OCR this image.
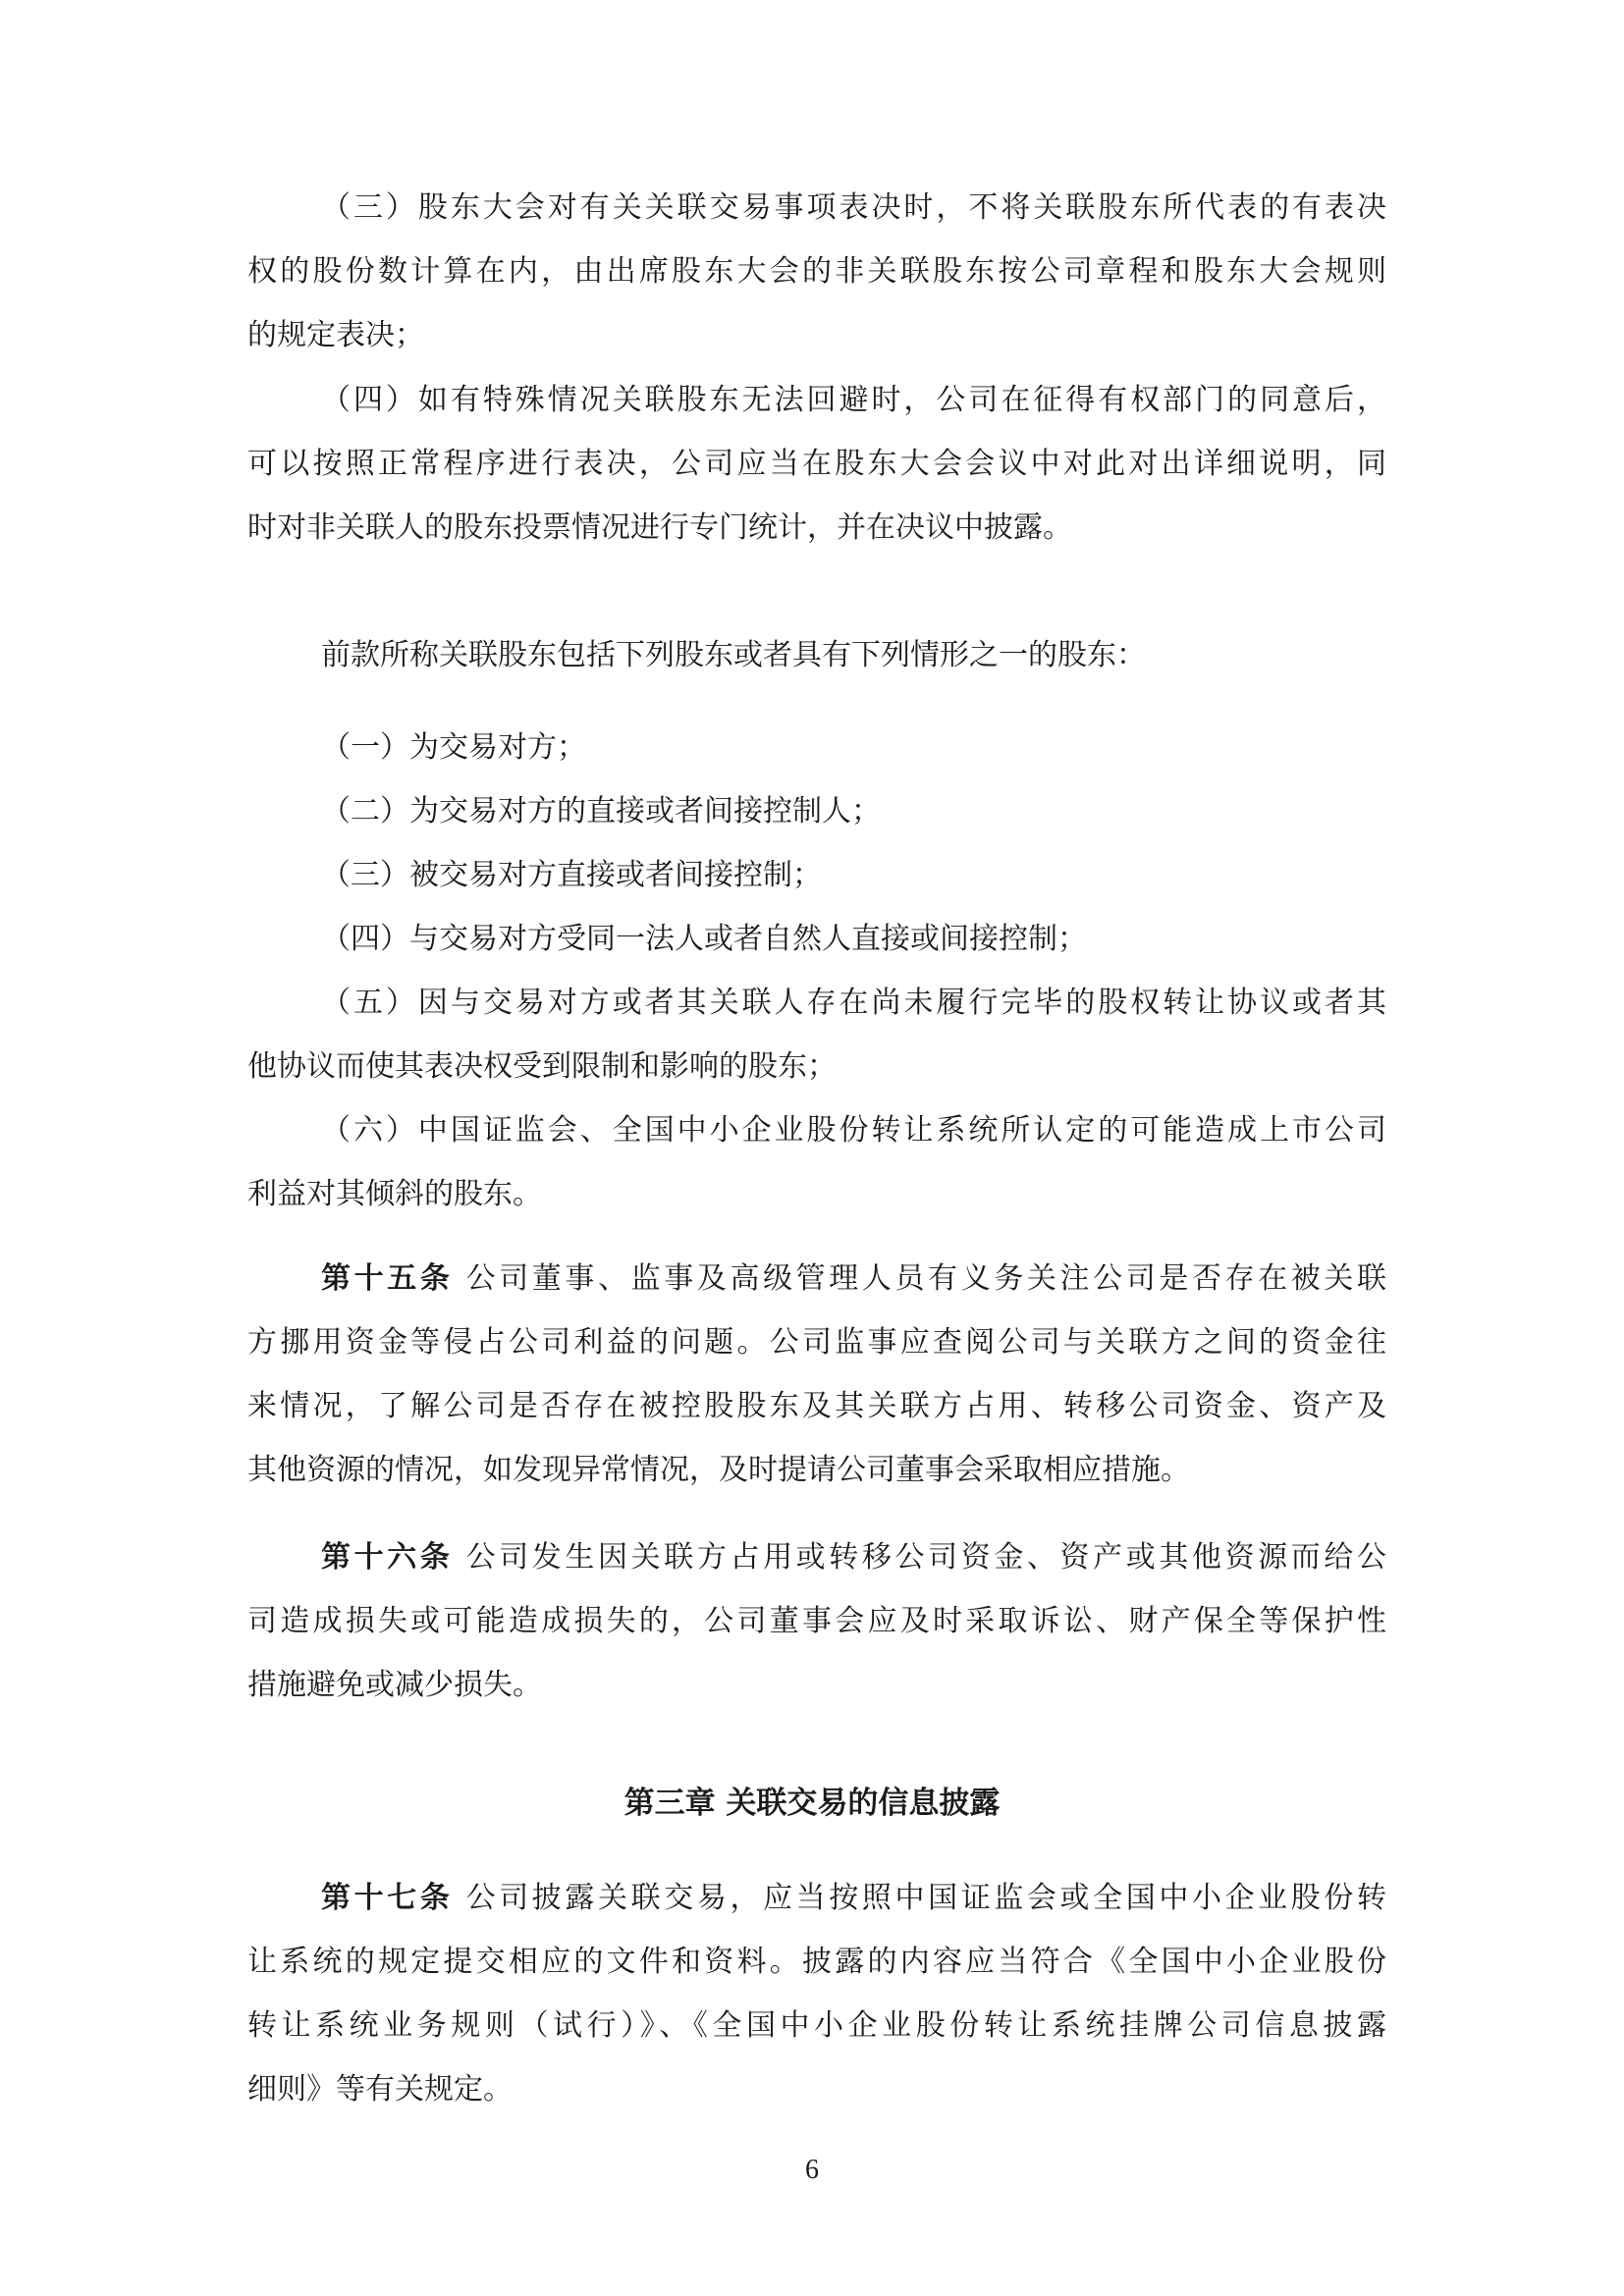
（三）股东大会对有关关联交易事项表决时，不将关联股东所代表的有表决
权的股份数计算在内，由出席股东大会的非关联股东按公司章程和股东大会规则
的规定表决；
（四）如有特殊情况关联股东无法回避时，公司在征得有权部门的同意后，
可以按照正常程序进行表决，公司应当在股东大会会议中对此对出详细说明，同
时对非关联人的股东投票情况进行专门统计，并在决议中披露。
前款所称关联股东包括下列股东或者具有下列情形之一的股东：
（一）为交易对方；
（二）为交易对方的直接或者间接控制人；
（三）被交易对方直接或者间接控制；
（四）与交易对方受同一法人或者自然人直接或间接控制；
（五）因与交易对方或者其关联人存在尚未履行完毕的股权转让协议或者其
他协议而使其表决权受到限制和影响的股东；
（六）中国证监会、全国中小企业股份转让系统所认定的可能造成上市公司
利益对其倾斜的股东。
第十五条 公司董事、监事及高级管理人员有义务关注公司是否存在被关联
方挪用资金等侵占公司利益的问题。公司监事应查阅公司与关联方之间的资金往
来情况，了解公司是否存在被控股股东及其关联方占用、转移公司资金、资产及
其他资源的情况，如发现异常情况，及时提请公司董事会采取相应措施。
第十六条 公司发生因关联方占用或转移公司资金、资产或其他资源而给公
司造成损失或可能造成损失的，公司董事会应及时采取诉讼、财产保全等保护性
措施避免或减少损失。
第三章 关联交易的信息披露
第十七条 公司披露关联交易，应当按照中国证监会或全国中小企业股份转
让系统的规定提交相应的文件和资料。披露的内容应当符合《全国中小企业股份
转让系统业务规则（试行）》、《全国中小企业股份转让系统挂牌公司信息披露
细则》等有关规定。
6
